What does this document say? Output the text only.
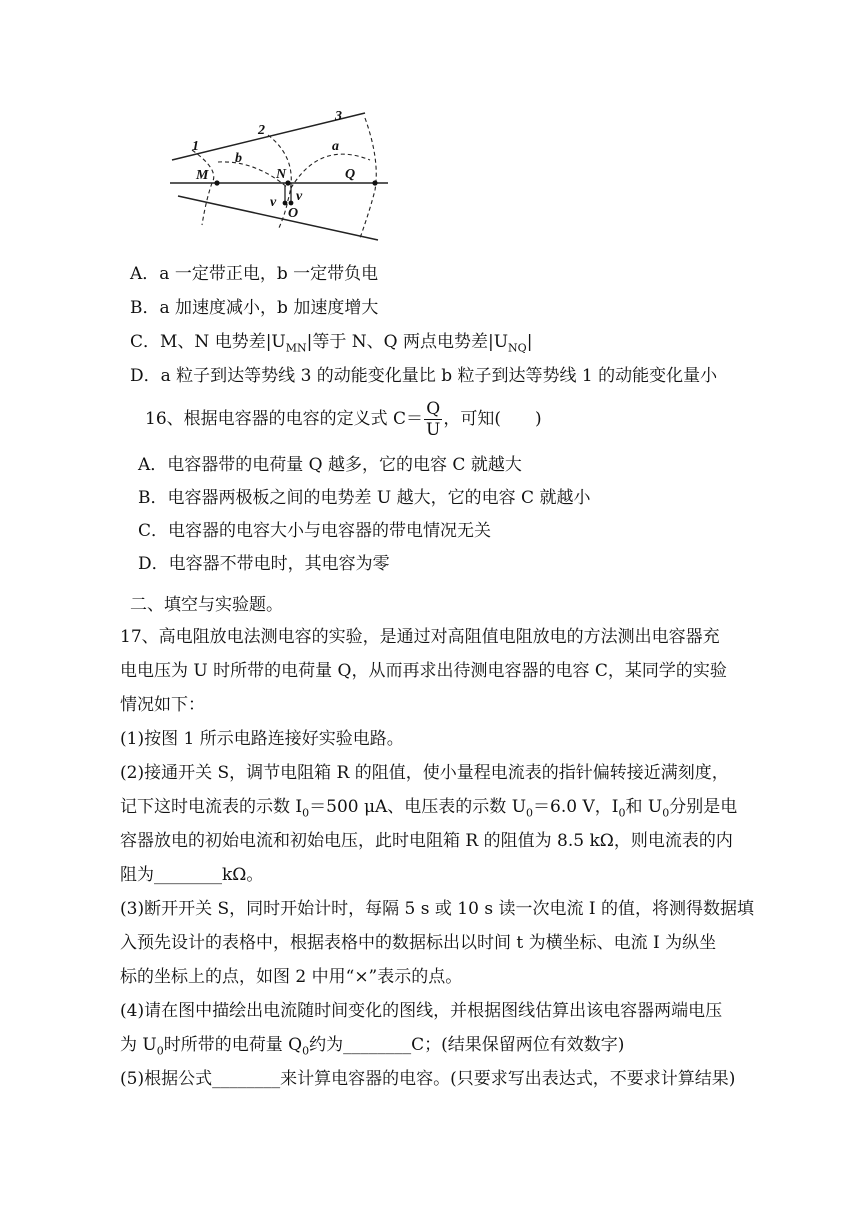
1
2
3
M	N	Q
O
a
b
v v
A．a 一定带正电，b 一定带负电
B．a 加速度减小，b 加速度增大
C．M、N 电势差$|U_{MN}|$等于 N、Q 两点电势差$|U_{NQ}|$
D．a 粒子到达等势线 3 的动能变化量比 b 粒子到达等势线 1 的动能变化量小
16、根据电容器的电容的定义式 $C= \frac{Q}{U}$ ，可知(　　)
A．电容器带的电荷量 Q 越多，它的电容 C 就越大
B．电容器两极板之间的电势差 U 越大，它的电容 C 就越小
C．电容器的电容大小与电容器的带电情况无关
D．电容器不带电时，其电容为零
二、填空与实验题。
17、高电阻放电法测电容的实验，是通过对高阻值电阻放电的方法测出电容器充
电电压为 U 时所带的电荷量 Q，从而再求出待测电容器的电容 C，某同学的实验
情况如下：
(1)按图 1 所示电路连接好实验电路。
(2)接通开关 S，调节电阻箱 R 的阻值，使小量程电流表的指针偏转接近满刻度，
记下这时电流表的示数 $I_0=500$ μA、电压表的示数 $U_0=6.0$ V，$I_0$和 $U_0$分别是电
容器放电的初始电流和初始电压，此时电阻箱 R 的阻值为 8.5 kΩ，则电流表的内
阻为________kΩ。
(3)断开开关 S，同时开始计时，每隔 5 s 或 10 s 读一次电流 I 的值，将测得数据填
入预先设计的表格中，根据表格中的数据标出以时间 t 为横坐标、电流 I 为纵坐
标的坐标上的点，如图 2 中用“×”表示的点。
(4)请在图中描绘出电流随时间变化的图线，并根据图线估算出该电容器两端电压
为 $U_0$时所带的电荷量 $Q_0$约为________C；(结果保留两位有效数字)
(5)根据公式________来计算电容器的电容。(只要求写出表达式，不要求计算结果)
